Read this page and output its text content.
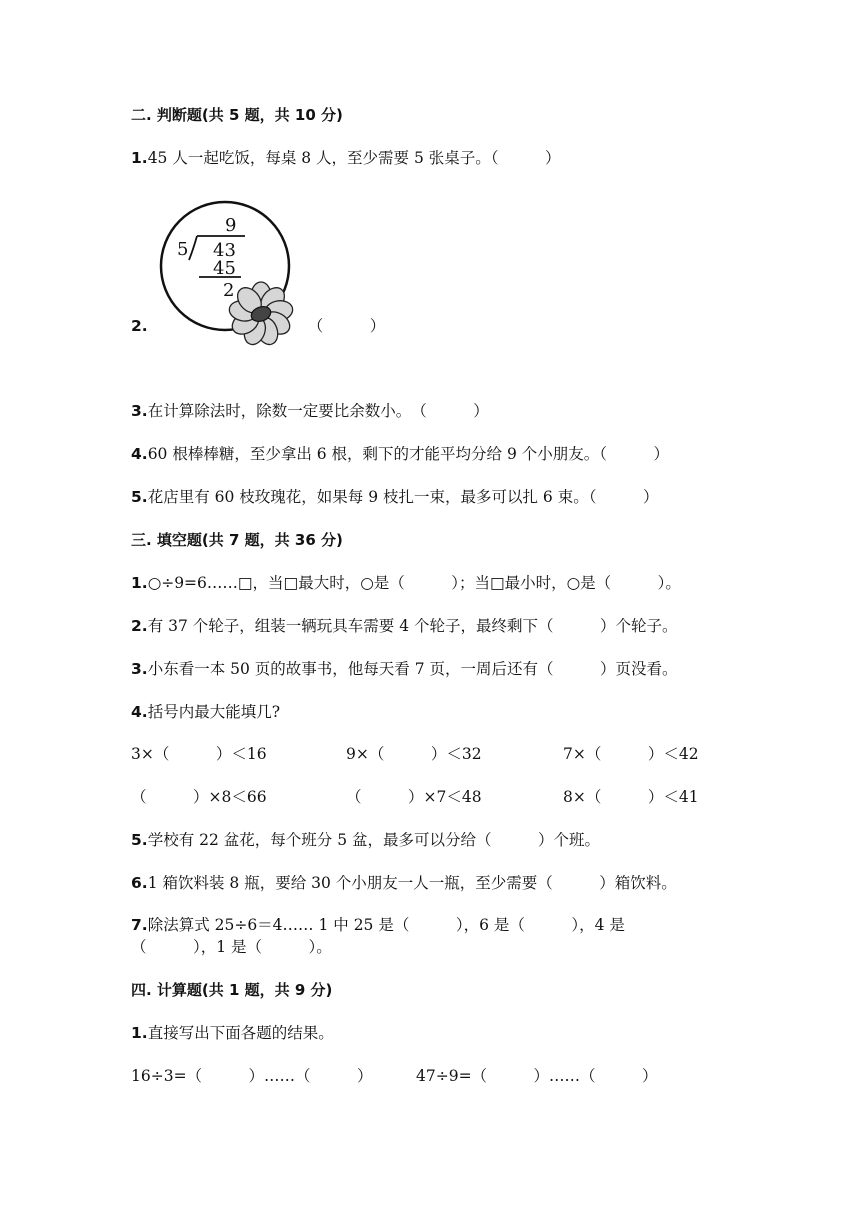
二. 判断题(共 5 题，共 10 分)
1.45 人一起吃饭，每桌 8 人，至少需要 5 张桌子。（　　　）
9
5 43
45
2
2.	（　　　）
3.在计算除法时，除数一定要比余数小。　（　　　）
4.60 根棒棒糖，至少拿出 6 根，剩下的才能平均分给 9 个小朋友。（　　　）
5.花店里有 60 枝玫瑰花，如果每 9 枝扎一束，最多可以扎 6 束。（　　　）
三. 填空题(共 7 题，共 36 分)
1.○÷9=6……□，当□最大时，○是（　　　）；当□最小时，○是（　　　）。
2.有 37 个轮子，组装一辆玩具车需要 4 个轮子，最终剩下（　　　）个轮子。
3.小东看一本 50 页的故事书，他每天看 7 页，一周后还有（　　　）页没看。
4.括号内最大能填几?
3×（　　　）＜16	9×（　　　）＜32	7×（　　　）＜42
（　　　）×8＜66	（　　　）×7＜48	8×（　　　）＜41
5.学校有 22 盆花，每个班分 5 盆，最多可以分给（　　　）个班。
6.1 箱饮料装 8 瓶，要给 30 个小朋友一人一瓶，至少需要（　　　）箱饮料。
7.除法算式 25÷6＝4…… 1 中 25 是（　　　），6 是（　　　），4 是
（　　　），1 是（　　　）。
四. 计算题(共 1 题，共 9 分)
1.直接写出下面各题的结果。
16÷3=（　　　）……（　　　）	47÷9=（　　　）……（　　　）
